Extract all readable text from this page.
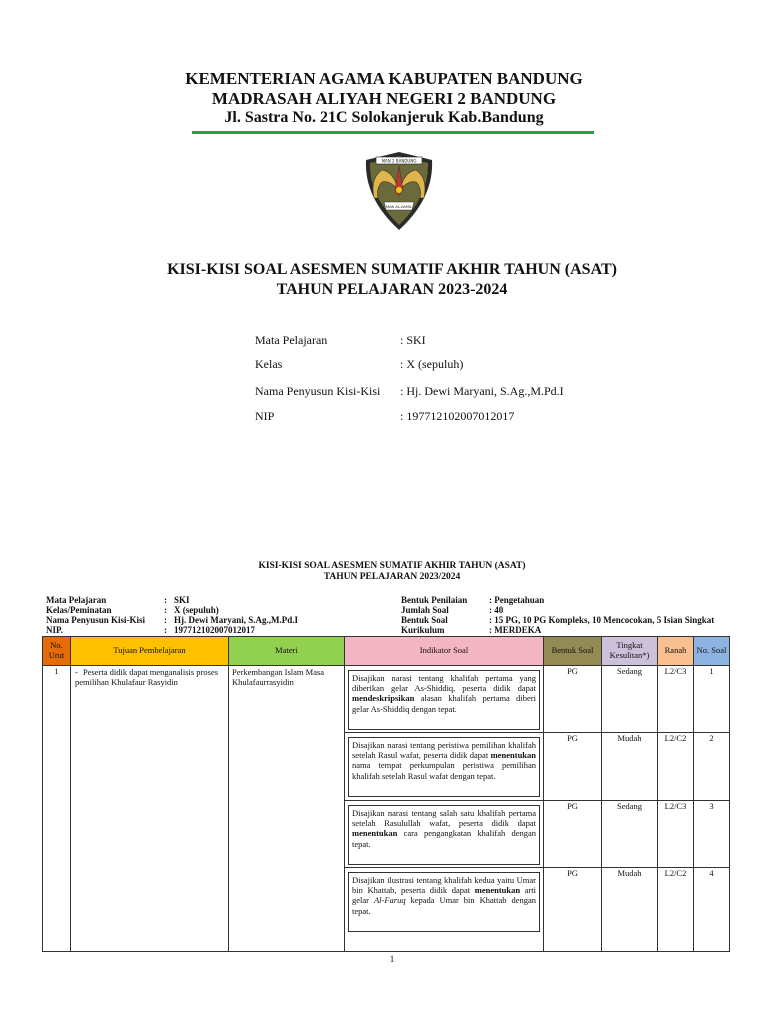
KEMENTERIAN AGAMA KABUPATEN BANDUNG
MADRASAH ALIYAH NEGERI 2 BANDUNG
Jl. Sastra No. 21C Solokanjeruk Kab.Bandung
MAN 2 BANDUNG
MAN AL-KAMIL
KISI-KISI SOAL ASESMEN SUMATIF AKHIR TAHUN (ASAT)
TAHUN PELAJARAN 2023-2024
Mata Pelajaran	: SKI
Kelas	: X (sepuluh)
Nama Penyusun Kisi-Kisi : Hj. Dewi Maryani, S.Ag.,M.Pd.I
NIP	: 197712102007012017
KISI-KISI SOAL ASESMEN SUMATIF AKHIR TAHUN (ASAT)
TAHUN PELAJARAN 2023/2024
Mata Pelajaran	: SKI
Kelas/Peminatan	: X (sepuluh)
Nama Penyusun Kisi-Kisi : Hj. Dewi Maryani, S.Ag.,M.Pd.I
NIP.	: 197712102007012017
Bentuk Penilaian : Pengetahuan
Jumlah Soal	: 40
Bentuk Soal	: 15 PG, 10 PG Kompleks, 10 Mencocokan, 5 Isian Singkat
Kurikulum	: MERDEKA
No. Urut	Tujuan Pembelajaran	Materi	Indikator Soal	Bentuk Soal	Tingkat Kesulitan*)	Ranah	No. Soal
1	- Peserta didik dapat menganalisis proses pemilihan Khulafaur Rasyidin	Perkembangan Islam Masa Khulafaurrasyidin	Disajikan narasi tentang khalifah pertama yang diberikan gelar As-Shiddiq, peserta didik dapat mendeskripsikan alasan khalifah pertama diberi gelar As-Shiddiq dengan tepat.	PG	Sedang	L2/C3	1

			Disajikan narasi tentang peristiwa pemilihan khalifah setelah Rasul wafat, peserta didik dapat menentukan nama tempat perkumpulan peristiwa pemilihan khalifah setelah Rasul wafat dengan tepat.	PG	Mudah	L2/C2	2

			Disajikan narasi tentang salah satu khalifah pertama setelah Rasulullah wafat, peserta didik dapat menentukan cara pengangkatan khalifah dengan tepat.	PG	Sedang	L2/C3	3

			Disajikan ilustrasi tentang khalifah kedua yaitu Umar bin Khattab, peserta didik dapat menentukan arti gelar Al-Faruq kepada Umar bin Khattab dengan tepat.	PG	Mudah	L2/C2	4
1
